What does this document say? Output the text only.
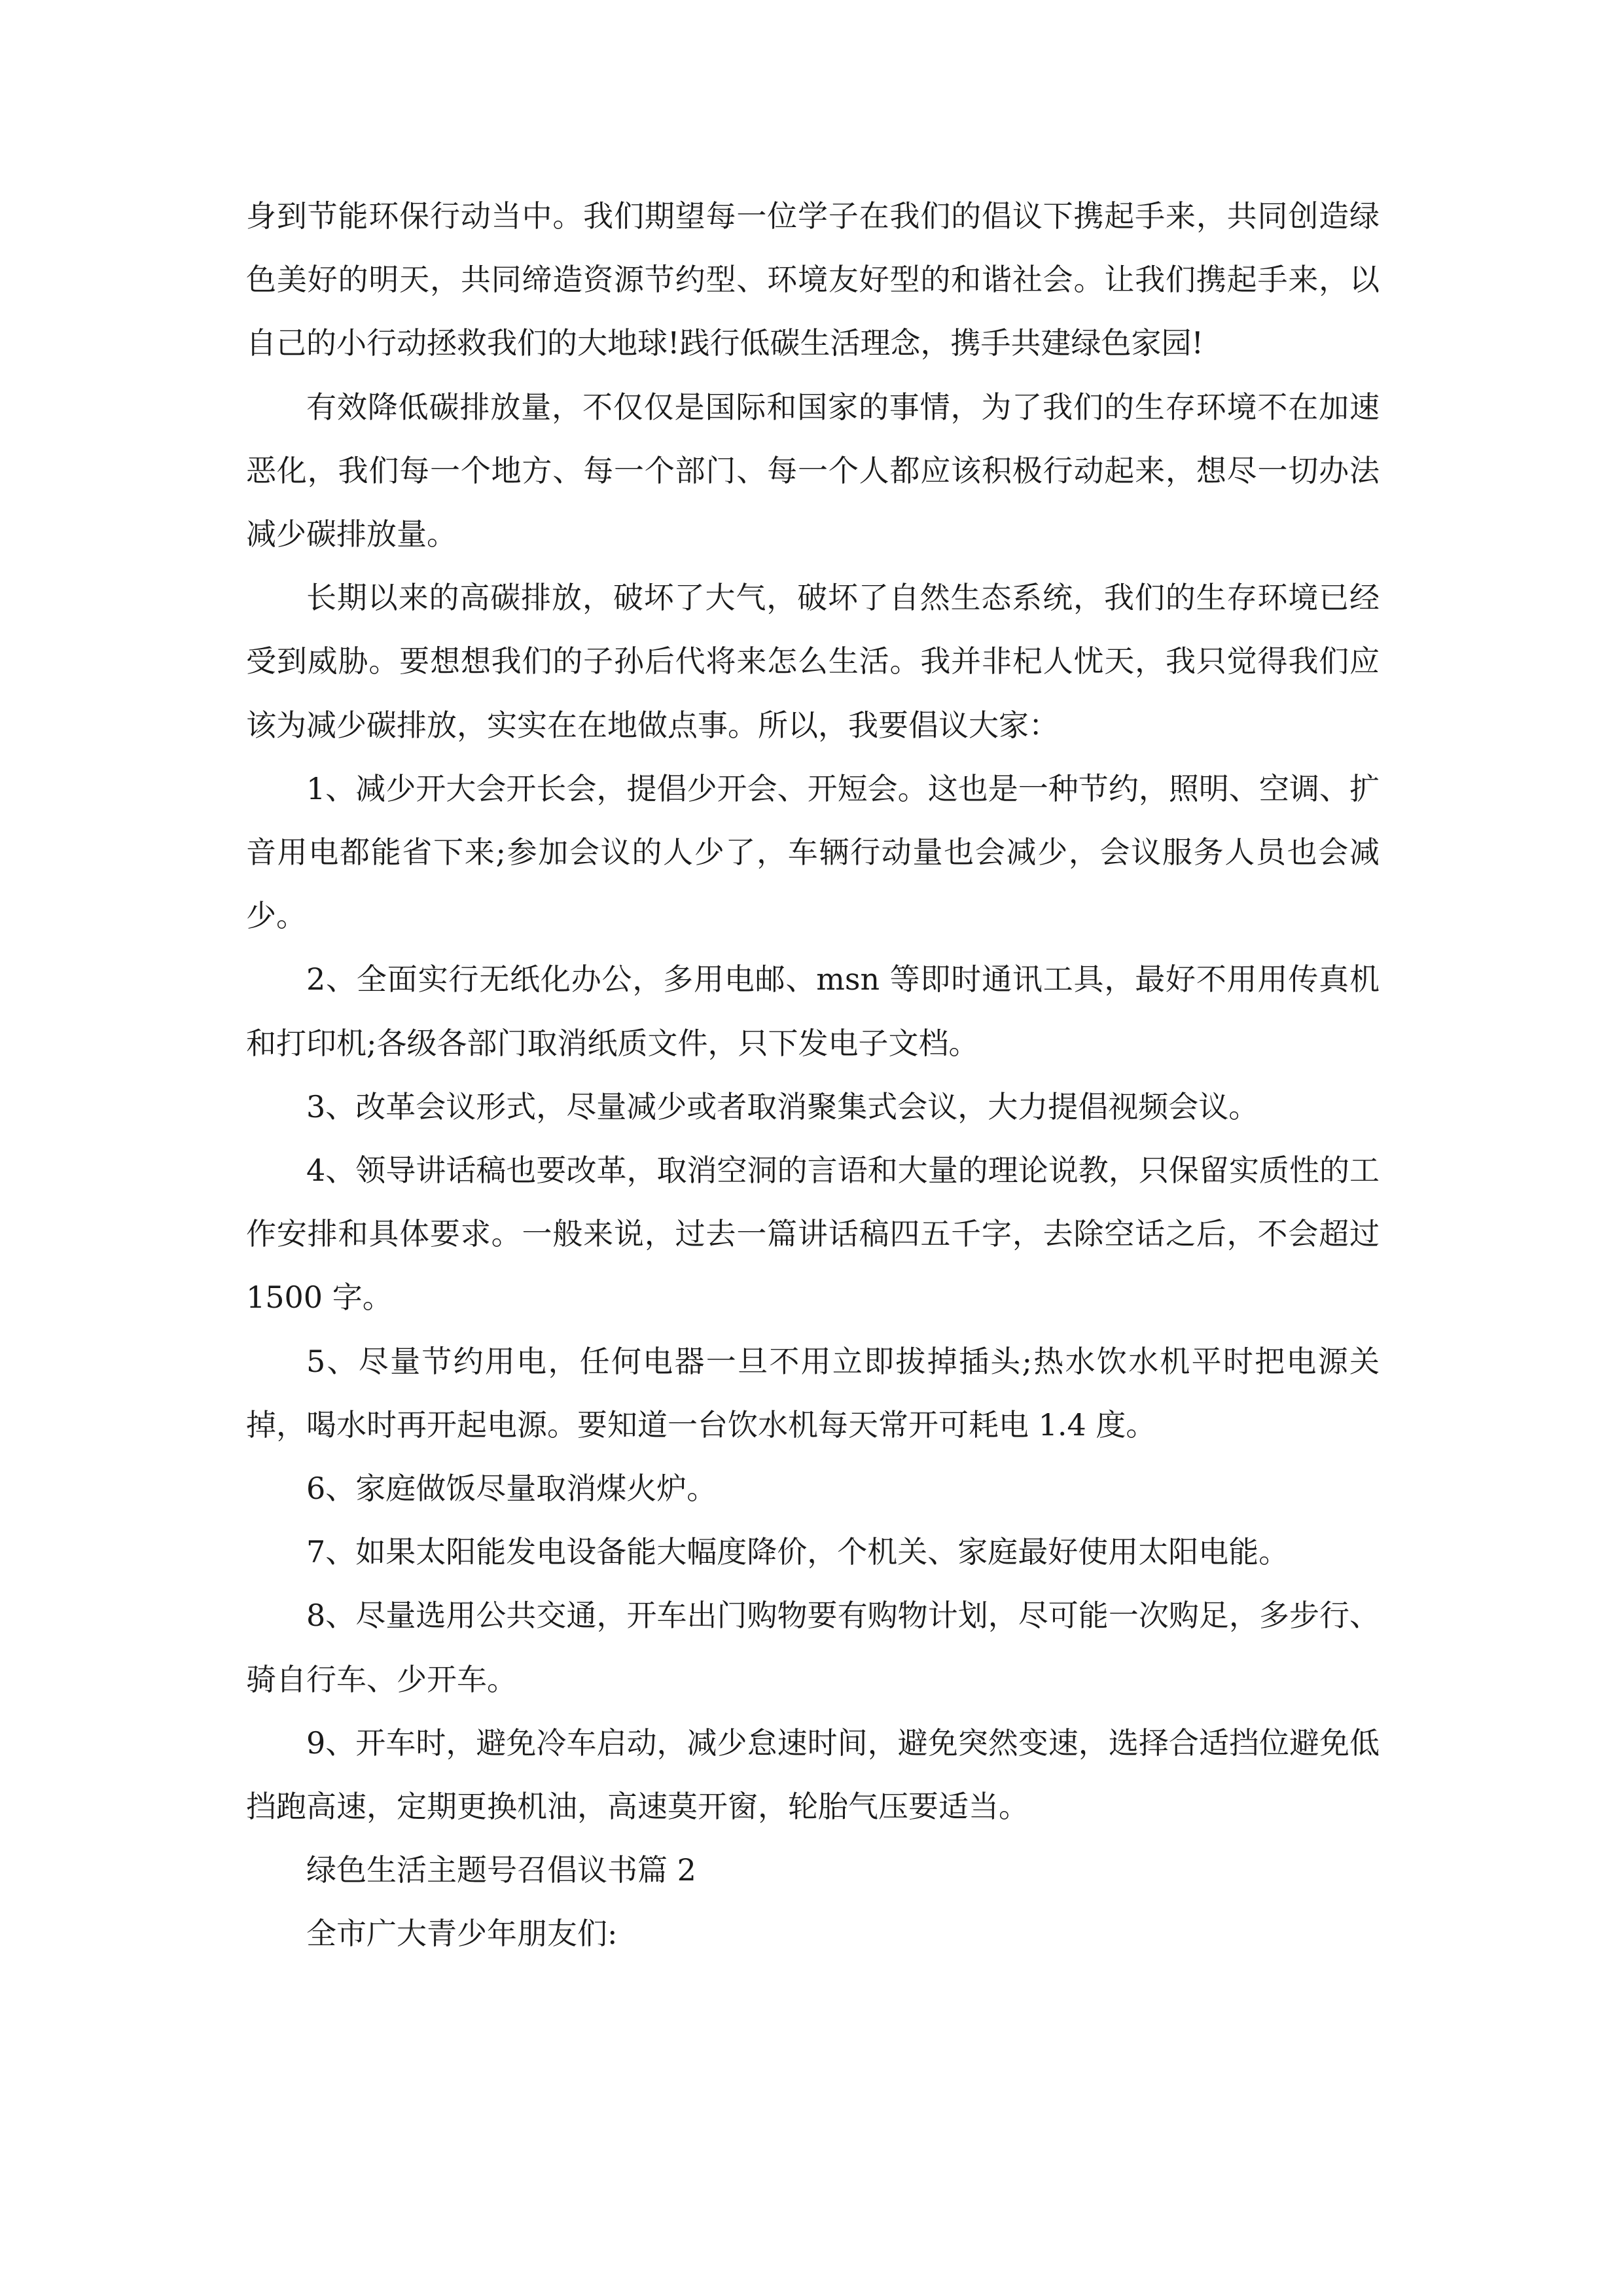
身到节能环保行动当中。我们期望每一位学子在我们的倡议下携起手来，共同创造绿色美好的明天，共同缔造资源节约型、环境友好型的和谐社会。让我们携起手来，以自己的小行动拯救我们的大地球!践行低碳生活理念，携手共建绿色家园!

有效降低碳排放量，不仅仅是国际和国家的事情，为了我们的生存环境不在加速恶化，我们每一个地方、每一个部门、每一个人都应该积极行动起来，想尽一切办法减少碳排放量。

长期以来的高碳排放，破坏了大气，破坏了自然生态系统，我们的生存环境已经受到威胁。要想想我们的子孙后代将来怎么生活。我并非杞人忧天，我只觉得我们应该为减少碳排放，实实在在地做点事。所以，我要倡议大家：

1、减少开大会开长会，提倡少开会、开短会。这也是一种节约，照明、空调、扩音用电都能省下来;参加会议的人少了，车辆行动量也会减少，会议服务人员也会减少。

2、全面实行无纸化办公，多用电邮、msn 等即时通讯工具，最好不用用传真机和打印机;各级各部门取消纸质文件，只下发电子文档。

3、改革会议形式，尽量减少或者取消聚集式会议，大力提倡视频会议。

4、领导讲话稿也要改革，取消空洞的言语和大量的理论说教，只保留实质性的工作安排和具体要求。一般来说，过去一篇讲话稿四五千字，去除空话之后，不会超过 1500 字。

5、尽量节约用电，任何电器一旦不用立即拔掉插头;热水饮水机平时把电源关掉，喝水时再开起电源。要知道一台饮水机每天常开可耗电 1.4 度。

6、家庭做饭尽量取消煤火炉。

7、如果太阳能发电设备能大幅度降价，个机关、家庭最好使用太阳电能。

8、尽量选用公共交通，开车出门购物要有购物计划，尽可能一次购足，多步行、骑自行车、少开车。

9、开车时，避免冷车启动，减少怠速时间，避免突然变速，选择合适挡位避免低挡跑高速，定期更换机油，高速莫开窗，轮胎气压要适当。

绿色生活主题号召倡议书篇 2

全市广大青少年朋友们:
